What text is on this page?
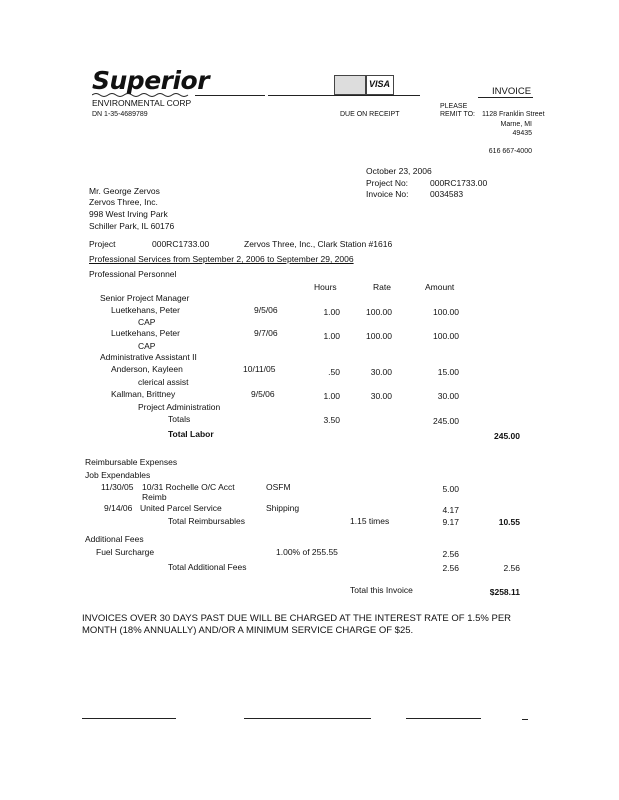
Superior
ENVIRONMENTAL CORP
DN 1-35-4689789
VISA
INVOICE
DUE ON RECEIPT
PLEASE
REMIT TO: 1128 Franklin Street
Marne, MI
49435
616 667-4000
October 23, 2006
Project No:	000RC1733.00
Invoice No:	0034583
Mr. George Zervos
Zervos Three, Inc.
998 West Irving Park
Schiller Park, IL 60176
Project	000RC1733.00	Zervos Three, Inc., Clark Station #1616
Professional Services from September 2, 2006 to September 29, 2006
Professional Personnel
Hours	Rate	Amount
Senior Project Manager
Luetkehans, Peter	9/5/06	1.00	100.00	100.00
CAP
Luetkehans, Peter	9/7/06	1.00	100.00	100.00
CAP
Administrative Assistant II
Anderson, Kayleen	10/11/05	.50	30.00	15.00
clerical assist
Kallman, Brittney	9/5/06	1.00	30.00	30.00
Project Administration
Totals	3.50	245.00
Total Labor	245.00
Reimbursable Expenses
Job Expendables
11/30/05 10/31 Rochelle O/C Acct
Reimb
OSFM	5.00
9/14/06 United Parcel Service	Shipping	4.17
Total Reimbursables	1.15 times	9.17	10.55
Additional Fees
Fuel Surcharge	1.00% of 255.55	2.56
Total Additional Fees	2.56	2.56
Total this Invoice	$258.11
INVOICES OVER 30 DAYS PAST DUE WILL BE CHARGED AT THE INTEREST RATE OF 1.5% PER
MONTH (18% ANNUALLY) AND/OR A MINIMUM SERVICE CHARGE OF $25.
